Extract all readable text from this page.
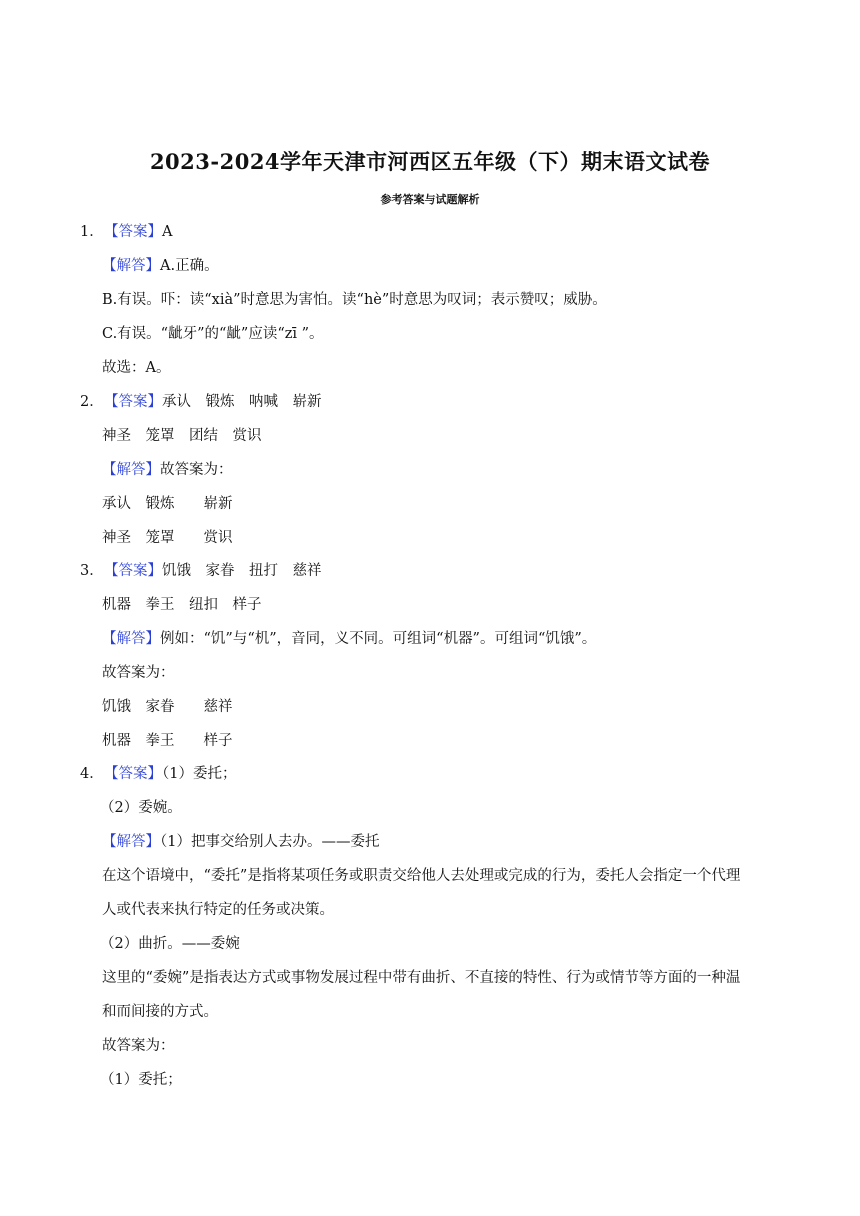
2023-2024学年天津市河西区五年级（下）期末语文试卷
参考答案与试题解析
1．【答案】A
【解答】A.正确。
B.有误。吓：读“xià”时意思为害怕。读“hè”时意思为叹词；表示赞叹；威胁。
C.有误。“龇牙”的“龇”应读“zī ”。
故选：A。
2．【答案】承认　锻炼　呐喊　崭新
神圣　笼罩　团结　赏识
【解答】故答案为：
承认　锻炼　　崭新
神圣　笼罩　　赏识
3．【答案】饥饿　家眷　扭打　慈祥
机器　拳王　纽扣　样子
【解答】例如：“饥”与“机”，音同，义不同。可组词“机器”。可组词“饥饿”。
故答案为：
饥饿　家眷　　慈祥
机器　拳王　　样子
4．【答案】（1）委托；
（2）委婉。
【解答】（1）把事交给别人去办。——委托
在这个语境中，“委托”是指将某项任务或职责交给他人去处理或完成的行为，委托人会指定一个代理
人或代表来执行特定的任务或决策。
（2）曲折。——委婉
这里的“委婉”是指表达方式或事物发展过程中带有曲折、不直接的特性、行为或情节等方面的一种温
和而间接的方式。
故答案为：
（1）委托；
